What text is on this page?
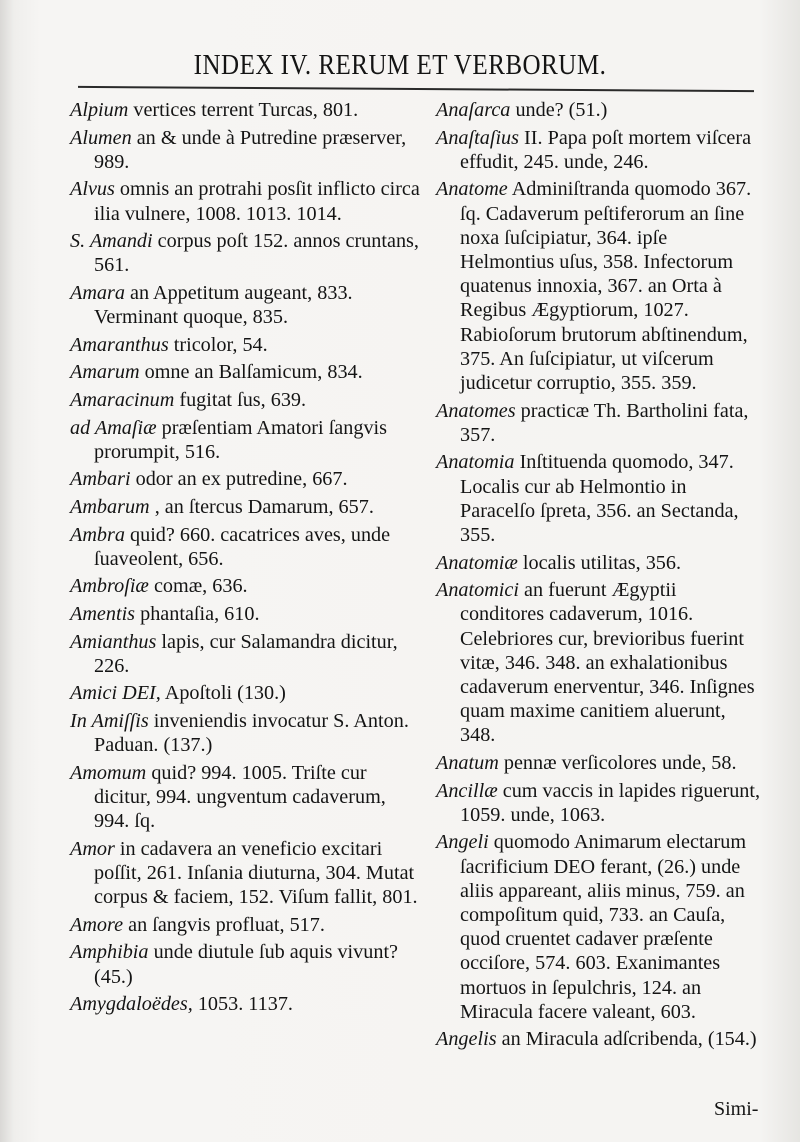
INDEX IV. RERUM ET VERBORUM.

Alpium vertices terrent Turcas, 801.

Alumen an & unde à Putredine præserver, 989.

Alvus omnis an protrahi posſit inflicto circa ilia vulnere, 1008. 1013. 1014.

S. Amandi corpus poſt 152. annos cruntans, 561.

Amara an Appetitum augeant, 833. Verminant quoque, 835.

Amaranthus tricolor, 54.

Amarum omne an Balſamicum, 834.

Amaracinum fugitat ſus, 639.

ad Amaſiæ præſentiam Amatori ſangvis prorumpit, 516.

Ambari odor an ex putredine, 667.

Ambarum , an ſtercus Damarum, 657.

Ambra quid? 660. cacatrices aves, unde ſuaveolent, 656.

Ambroſiæ comæ, 636.

Amentis phantaſia, 610.

Amianthus lapis, cur Salamandra dicitur, 226.

Amici DEI, Apoſtoli (130.)

In Amiſſis inveniendis invocatur S. Anton. Paduan. (137.)

Amomum quid? 994. 1005. Triſte cur dicitur, 994. ungventum cadaverum, 994. ſq.

Amor in cadavera an veneficio excitari poſſit, 261. Inſania diuturna, 304. Mutat corpus & faciem, 152. Viſum fallit, 801.

Amore an ſangvis profluat, 517.

Amphibia unde diutule ſub aquis vivunt? (45.)

Amygdaloëdes, 1053. 1137.

Anaſarca unde? (51.)

Anaſtaſius II. Papa poſt mortem viſcera effudit, 245. unde, 246.

Anatome Adminiſtranda quomodo 367. ſq. Cadaverum peſtiferorum an ſine noxa ſuſcipiatur, 364. ipſe Helmontius uſus, 358. Infectorum quatenus innoxia, 367. an Orta à Regibus Ægyptiorum, 1027. Rabioſorum brutorum abſtinendum, 375. An ſuſcipiatur, ut viſcerum judicetur corruptio, 355. 359.

Anatomes practicæ Th. Bartholini fata, 357.

Anatomia Inſtituenda quomodo, 347. Localis cur ab Helmontio in Paracelſo ſpreta, 356. an Sectanda, 355.

Anatomiæ localis utilitas, 356.

Anatomici an fuerunt Ægyptii conditores cadaverum, 1016. Celebriores cur, brevioribus fuerint vitæ, 346. 348. an exhalationibus cadaverum enerventur, 346. Inſignes quam maxime canitiem aluerunt, 348.

Anatum pennæ verſicolores unde, 58.

Ancillæ cum vaccis in lapides riguerunt, 1059. unde, 1063.

Angeli quomodo Animarum electarum ſacrificium DEO ferant, (26.) unde aliis appareant, aliis minus, 759. an compoſitum quid, 733. an Cauſa, quod cruentet cadaver præſente occiſore, 574. 603. Exanimantes mortuos in ſepulchris, 124. an Miracula facere valeant, 603.

Angelis an Miracula adſcribenda, (154.)

Simi-
